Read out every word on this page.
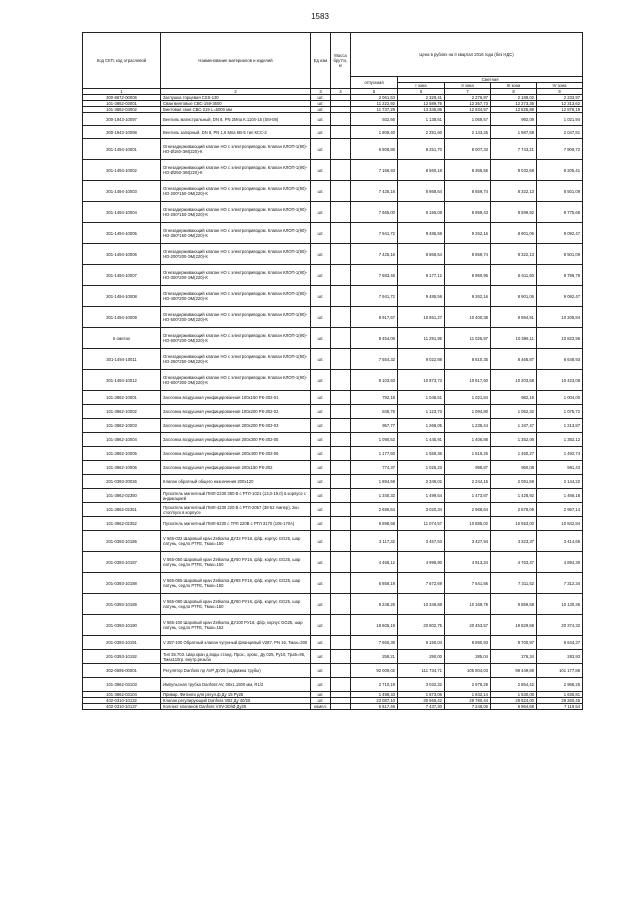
1583
Код СКП, код отраслевой	Наименование материалов и изделий	Ед изм	Масса брутто, кг	Цена в рублях на II квартал 2016 года (без НДС)				
				отпускная	Сметная			
					I зона	II зона	III зона	IV зона
1	2	3	4	5	6	7	8	9
300-8672-00006	Заглушка торцевая CSS-130	шт.		2 061,53	2 328,41	2 276,87	2 188,02	2 233,97
101-3862-03001	Сваи винтовые СВС-159-3500	шт.		11 222,92	12 589,76	12 357,73	12 273,35	12 313,62
101-3862-03002	Винтовая свая СВС-219 L=5000 мм	шт.		11 737,29	13 345,86	12 934,57	12 825,88	12 876,19
300-1943-10097	Вентиль магистральный, DN 8, PN 2Mпа К.1104-16 (SM-08)	шт.		932,66	1 138,61	1 069,57	992,09	1 021,94
300-1943-10098	Вентиль запорный, DN 8, PN 1,6 Mпа КВ-5 тип КСС-2	шт.		1 809,40	2 281,60	2 143,25	1 987,59	2 047,81
301-1494-10001	Огнезадерживающий клапан НО с электроприводом. Клапан КЛОП-1(90)-НО-Ø160-ЭМ(220)-К	шт.		6 908,86	8 251,70	8 007,33	7 743,21	7 909,72
301-1494-10002	Огнезадерживающий клапан НО с электроприводом. Клапан КЛОП-1(90)-НО-Ø250-ЭМ(220)-К	шт.		7 166,93	8 560,18	8 356,56	8 032,68	8 205,41
301-1494-10003	Огнезадерживающий клапан НО с электроприводом. Клапан КЛОП-1(90)-НО-200*150-ЭМ(220)-К	шт.		7 425,16	8 868,64	8 659,74	8 322,13	8 501,09
301-1494-10004	Огнезадерживающий клапан НО с электроприводом. Клапан КЛОП-1(90)-НО-250*150-ЭМ(220)-К	шт.		7 665,00	9 155,08	8 959,43	8 599,92	8 775,66
301-1494-10005	Огнезадерживающий клапан НО с электроприводом. Клапан КЛОП-1(90)-НО-350*150-ЭМ(220)-К	шт.		7 941,72	9 485,59	9 262,16	8 901,06	9 092,47
301-1494-10006	Огнезадерживающий клапан НО с электроприводом. Клапан КЛОП-1(90)-НО-200*200-ЭМ(220)-К	шт.		7 425,16	8 868,64	8 659,74	8 322,13	8 501,09
301-1494-10007	Огнезадерживающий клапан НО с электроприводом. Клапан КЛОП-1(90)-НО-300*200-ЭМ(220)-К	шт.		7 683,46	9 177,12	8 960,95	8 611,60	8 796,78
301-1494-10008	Огнезадерживающий клапан НО с электроприводом. Клапан КЛОП-1(90)-НО-400*200-ЭМ(220)-К	шт.		7 941,72	9 485,59	9 262,16	8 901,06	9 092,47
301-1494-10009	Огнезадерживающий клапан НО с электроприводом. Клапан КЛОП-1(90)-НО-500*200-ЭМ(220)-К	шт.		8 917,67	10 651,27	10 400,38	9 994,91	10 209,84
в сметах	Огнезадерживающий клапан НО с электроприводом. Клапан КЛОП-1(90)-НО-600*200-ЭМ(220)-К	шт.		9 454,09	11 291,95	11 025,97	10 596,11	10 823,96
301-1494-10011	Огнезадерживающий клапан НО с электроприводом. Клапан КЛОП-1(90)-НО-250*250-ЭМ(220)-К	шт.		7 554,32	9 022,88	8 810,35	8 466,87	8 648,93
301-1494-10012	Огнезадерживающий клапан НО с электроприводом. Клапан КЛОП-1(90)-НО-600*300-ЭМ(220)-К	шт.		9 103,93	10 873,73	10 617,60	10 203,68	10 423,08
101-3862-10001	Заслонка воздушная унифицированная 100х150 РК-302-01	шт.		792,18	1 048,61	1 021,84	982,16	1 004,00
101-3862-10002	Заслонка воздушная унифицированная 100х200 РК-302-02	шт.		848,76	1 123,73	1 094,80	1 052,32	1 075,72
101-3862-10003	Заслонка воздушная унифицированная 200х200 РК-302-03	шт.		957,77	1 268,05	1 235,44	1 187,47	1 213,87
101-3862-10004	Заслонка воздушная унифицированная 200х300 РК-302-05	шт.		1 090,52	1 445,91	1 406,88	1 352,06	1 382,12
101-3862-10005	Заслонка воздушная унифицированная 200х400 РК-302-06	шт.		1 177,60	1 559,36	1 519,25	1 460,27	1 492,74
101-3862-10006	Заслонка воздушная унифицированная 200х150 РК-302	шт.		774,37	1 025,23	998,87	960,08	981,43
201-0393-20026	Клапан обратный общего назначения 200х120	шт.		1 894,59	2 349,02	2 244,15	2 081,59	2 144,22
101-3862-02350	Пускатель магнитный ПМЛ-2230 380 В с РТЛ-1021 (13,0-19,0) в корпусе с индикацией	шт.		1 340,32	1 499,54	1 473,87	1 428,92	1 466,18
101-3862-02351	Пускатель магнитный ПМЛ-4230 220 В с РТЛ-2057 (38-52 Ампер), 2кн. стоп/пуск в корпусе	шт.		2 699,64	3 020,34	2 968,64	2 878,09	2 957,14
101-3862-02352	Пускатель магнитный ПМЛ-6230 с ТРЛ 220В с РТЛ 3170 (105-170А)	шт.		9 898,68	11 074,57	10 885,02	10 553,00	10 842,84
201-0393-10186	V 565-032 Шаровый кран Zetkama ДУ32 PУ16, ф/ф, корпус GG25, шар латунь, седло PTFE, Тмах=150	шт.		3 117,32	3 467,53	3 427,94	3 323,37	3 414,65
201-0393-10187	V 565-050 Шаровый кран Zetkama ДУ50 PУ16, ф/ф, корпус GG25, шар латунь, седло PTFE, Тмах=150	шт.		4 468,12	4 998,90	4 913,34	4 763,47	4 894,30
201-0393-10188	V 565-065 Шаровый кран Zetkama ДУ65 PУ16, ф/ф, корпус GG25, шар латунь, седло PTFE, Тмах=150	шт.		6 858,19	7 672,69	7 541,56	7 311,52	7 312,34
201-0393-10189	V 565-080 Шаровый кран Zetkama ДУ80 PУ16, ф/ф, корпус GG25, шар латунь, седло PTFE, Тмах=150	шт.		9 248,26	10 346,88	10 169,78	9 859,58	10 130,36
201-0393-10190	V 565-100 Шаровый кран Zetkama ДУ100 PУ16, ф/ф, корпус GG25, шар латунь, седло PTFE, Тмах=152	шт.		18 605,19	20 802,75	20 453,57	19 829,68	20 374,32
201-0393-10191	V 287-100 Обратный клапан чугунный фланцевый V287, PN 16, Тмах=300	шт.		7 660,39	9 150,04	8 890,93	8 700,97	8 644,37
201-0393-10192	Тип 35.703. Шар.кран д.воды станд. Прох., хром., Ду 025, Ру10, Тра5=95, Тмах110гр. внутр.резьба	шт.		259,21	290,00	285,04	276,34	283,93
302-0595-00001	Регулятор Danfoss пр AVP ДУ25 (задвижка трубы)	шт.		92 009,02	111 734,71	105 804,03	98 449,69	101 177,86
101-3862-03103	Импульсная трубка Danfoss AV, 06х1,1500 мм, R1/2	шт.		2 710,19	3 032,32	2 978,29	2 854,42	2 968,25
101-3862-03104	Привар. Фитинги для регул.ф Ду 15 Ру25	шт.		1 498,33	1 673,06	1 642,14	1 630,08	1 636,81
402-0310-10132	Клапан регулирующий Danfoss VB2 Ду 40/25	шт.		23 087,10	30 565,42	29 780,44	28 624,00	29 260,48
402-0310-10137	Коллект клапанов Danfoss VSV-ЗО/Ø Ду25	компл.		5 617,46	7 437,30	7 246,06	6 964,68	7 119,54
